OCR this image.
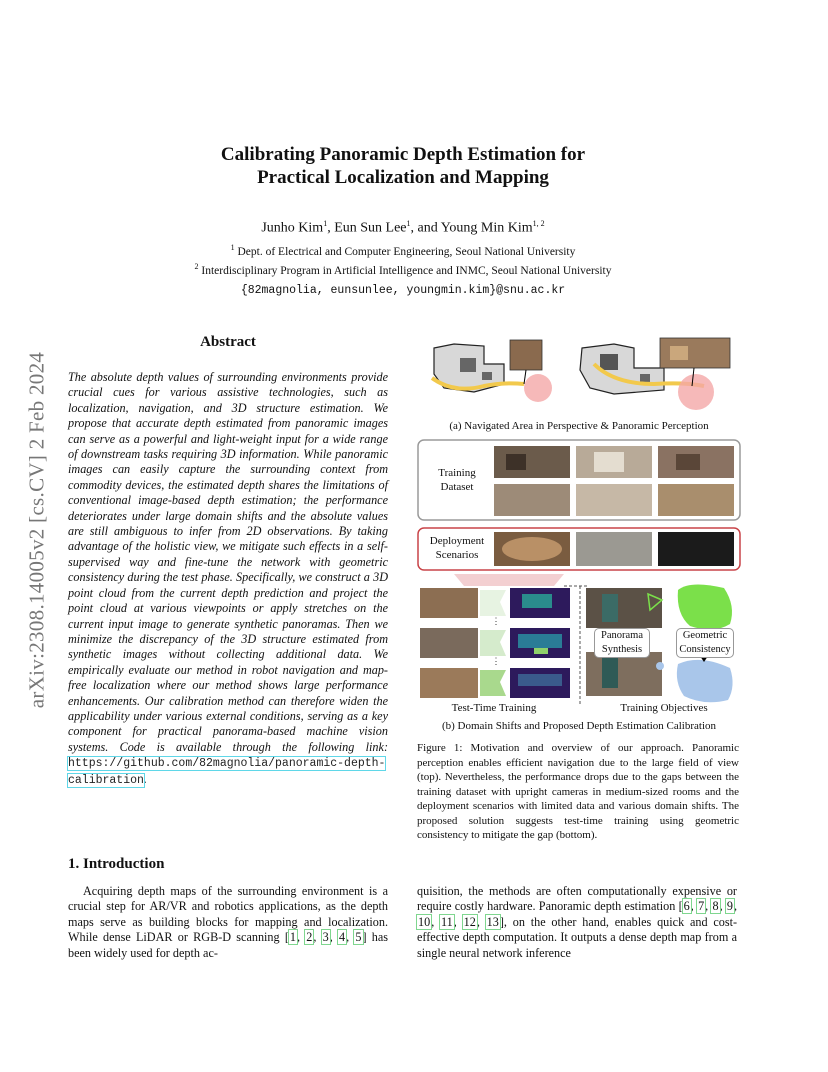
arXiv:2308.14005v2 [cs.CV] 2 Feb 2024
Calibrating Panoramic Depth Estimation for
Practical Localization and Mapping
Junho Kim$^1$, Eun Sun Lee$^1$, and Young Min Kim$^{1, 2}$
$^1$ Dept. of Electrical and Computer Engineering, Seoul National University
$^2$ Interdisciplinary Program in Artificial Intelligence and INMC, Seoul National University
{82magnolia, eunsunlee, youngmin.kim}@snu.ac.kr
Abstract
The absolute depth values of surrounding environments provide crucial cues for various assistive technologies, such as localization, navigation, and 3D structure estimation. We propose that accurate depth estimated from panoramic images can serve as a powerful and light-weight input for a wide range of downstream tasks requiring 3D information. While panoramic images can easily capture the surrounding context from commodity devices, the estimated depth shares the limitations of conventional image-based depth estimation; the performance deteriorates under large domain shifts and the absolute values are still ambiguous to infer from 2D observations. By taking advantage of the holistic view, we mitigate such effects in a self-supervised way and fine-tune the network with geometric consistency during the test phase. Specifically, we construct a 3D point cloud from the current depth prediction and project the point cloud at various viewpoints or apply stretches on the current input image to generate synthetic panoramas. Then we minimize the discrepancy of the 3D structure estimated from synthetic images without collecting additional data. We empirically evaluate our method in robot navigation and map-free localization where our method shows large performance enhancements. Our calibration method can therefore widen the applicability under various external conditions, serving as a key component for practical panorama-based machine vision systems. Code is available through the following link: https://github.com/82magnolia/panoramic-depth-calibration.
⋮
⋮
(a) Navigated Area in Perspective & Panoramic Perception
Training Dataset
Deployment Scenarios
Panorama Synthesis
Geometric Consistency
Test-Time Training	Training Objectives
(b) Domain Shifts and Proposed Depth Estimation Calibration
Figure 1: Motivation and overview of our approach. Panoramic perception enables efficient navigation due to the large field of view (top). Nevertheless, the performance drops due to the gaps between the training dataset with upright cameras in medium-sized rooms and the deployment scenarios with limited data and various domain shifts. The proposed solution suggests test-time training using geometric consistency to mitigate the gap (bottom).
1. Introduction
Acquiring depth maps of the surrounding environment is a crucial step for AR/VR and robotics applications, as the depth maps serve as building blocks for mapping and localization. While dense LiDAR or RGB-D scanning [1, 2, 3, 4, 5] has been widely used for depth ac-
quisition, the methods are often computationally expensive or require costly hardware. Panoramic depth estimation [6, 7, 8, 9, 10, 11, 12, 13], on the other hand, enables quick and cost-effective depth computation. It outputs a dense depth map from a single neural network inference
